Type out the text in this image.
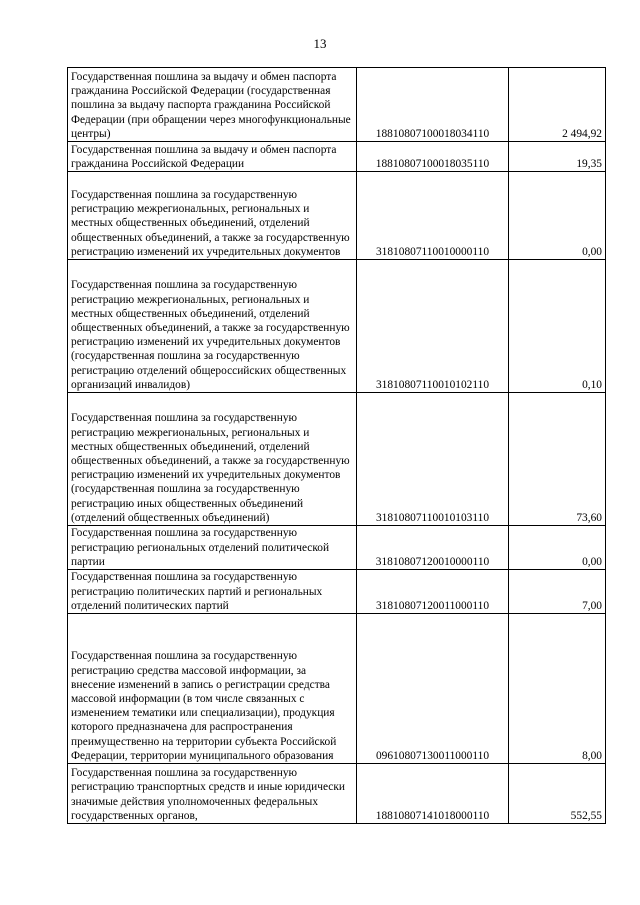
13
Государственная пошлина за выдачу и обмен паспорта гражданина Российской Федерации (государственная пошлина за выдачу паспорта гражданина Российской Федерации (при обращении через многофункциональные центры)	18810807100018034110	2 494,92
Государственная пошлина за выдачу и обмен паспорта гражданина Российской Федерации	18810807100018035110	19,35
Государственная пошлина за государственную регистрацию межрегиональных, региональных и местных общественных объединений, отделений общественных объединений, а также за государственную регистрацию изменений их учредительных документов	31810807110010000110	0,00
Государственная пошлина за государственную регистрацию межрегиональных, региональных и местных общественных объединений, отделений общественных объединений, а также за государственную регистрацию изменений их учредительных документов (государственная пошлина за государственную регистрацию отделений общероссийских общественных организаций инвалидов)	31810807110010102110	0,10
Государственная пошлина за государственную регистрацию межрегиональных, региональных и местных общественных объединений, отделений общественных объединений, а также за государственную регистрацию изменений их учредительных документов (государственная пошлина за государственную регистрацию иных общественных объединений (отделений общественных объединений)	31810807110010103110	73,60
Государственная пошлина за государственную регистрацию региональных отделений политической партии	31810807120010000110	0,00
Государственная пошлина за государственную регистрацию политических партий и региональных отделений политических партий	31810807120011000110	7,00
Государственная пошлина за государственную регистрацию средства массовой информации, за внесение изменений в запись о регистрации средства массовой информации (в том числе связанных с изменением тематики или специализации), продукция которого предназначена для распространения преимущественно на территории субъекта Российской Федерации, территории муниципального образования	09610807130011000110	8,00
Государственная пошлина за государственную регистрацию транспортных средств и иные юридически значимые действия уполномоченных федеральных государственных органов,	18810807141018000110	552,55
